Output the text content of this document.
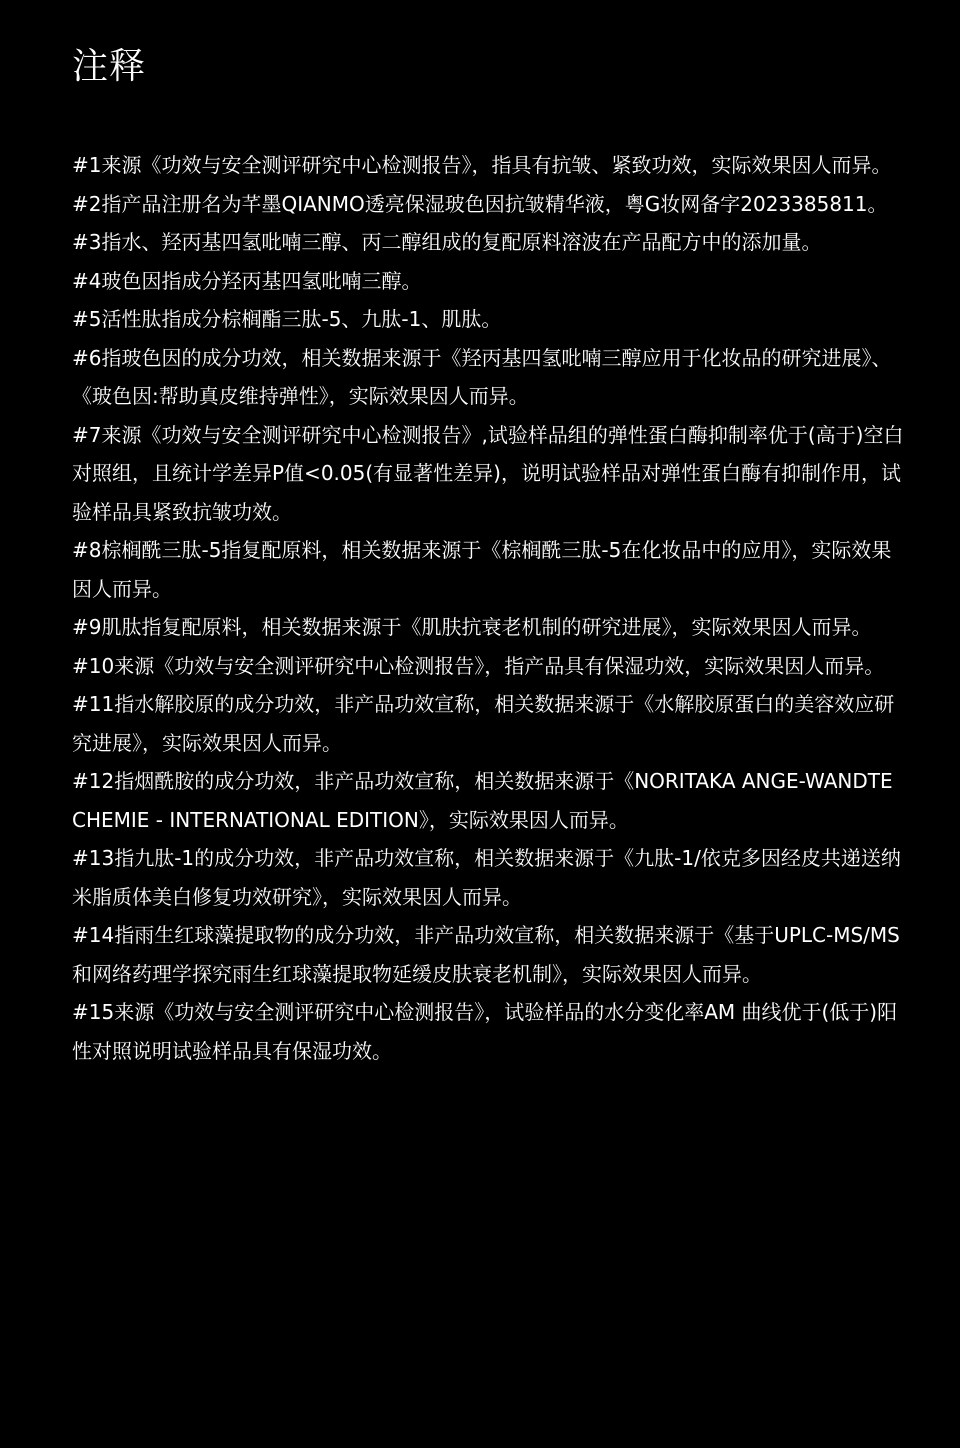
注释
#1来源《功效与安全测评研究中心检测报告》，指具有抗皱、紧致功效，实际效果因人而异。
#2指产品注册名为芊墨QIANMO透亮保湿玻色因抗皱精华液，粤G妆网备字2023385811。
#3指水、羟丙基四氢吡喃三醇、丙二醇组成的复配原料溶波在产品配方中的添加量。
#4玻色因指成分羟丙基四氢吡喃三醇。
#5活性肽指成分棕榈酯三肽-5、九肽-1、肌肽。
#6指玻色因的成分功效，相关数据来源于《羟丙基四氢吡喃三醇应用于化妆品的研究进展》、《玻色因:帮助真皮维持弹性》，实际效果因人而异。
#7来源《功效与安全测评研究中心检测报告》,试验样品组的弹性蛋白酶抑制率优于(高于)空白对照组，且统计学差异P值<0.05(有显著性差异)，说明试验样品对弹性蛋白酶有抑制作用，试验样品具紧致抗皱功效。
#8棕榈酰三肽-5指复配原料，相关数据来源于《棕榈酰三肽-5在化妆品中的应用》，实际效果因人而异。
#9肌肽指复配原料，相关数据来源于《肌肤抗衰老机制的研究进展》，实际效果因人而异。
#10来源《功效与安全测评研究中心检测报告》，指产品具有保湿功效，实际效果因人而异。
#11指水解胶原的成分功效，非产品功效宣称，相关数据来源于《水解胶原蛋白的美容效应研究进展》，实际效果因人而异。
#12指烟酰胺的成分功效，非产品功效宣称，相关数据来源于《NORITAKA ANGE-WANDTE CHEMIE - INTERNATIONAL EDITION》，实际效果因人而异。
#13指九肽-1的成分功效，非产品功效宣称，相关数据来源于《九肽-1/依克多因经皮共递送纳米脂质体美白修复功效研究》，实际效果因人而异。
#14指雨生红球藻提取物的成分功效，非产品功效宣称，相关数据来源于《基于UPLC-MS/MS和网络药理学探究雨生红球藻提取物延缓皮肤衰老机制》，实际效果因人而异。
#15来源《功效与安全测评研究中心检测报告》，试验样品的水分变化率AM 曲线优于(低于)阳性对照说明试验样品具有保湿功效。
